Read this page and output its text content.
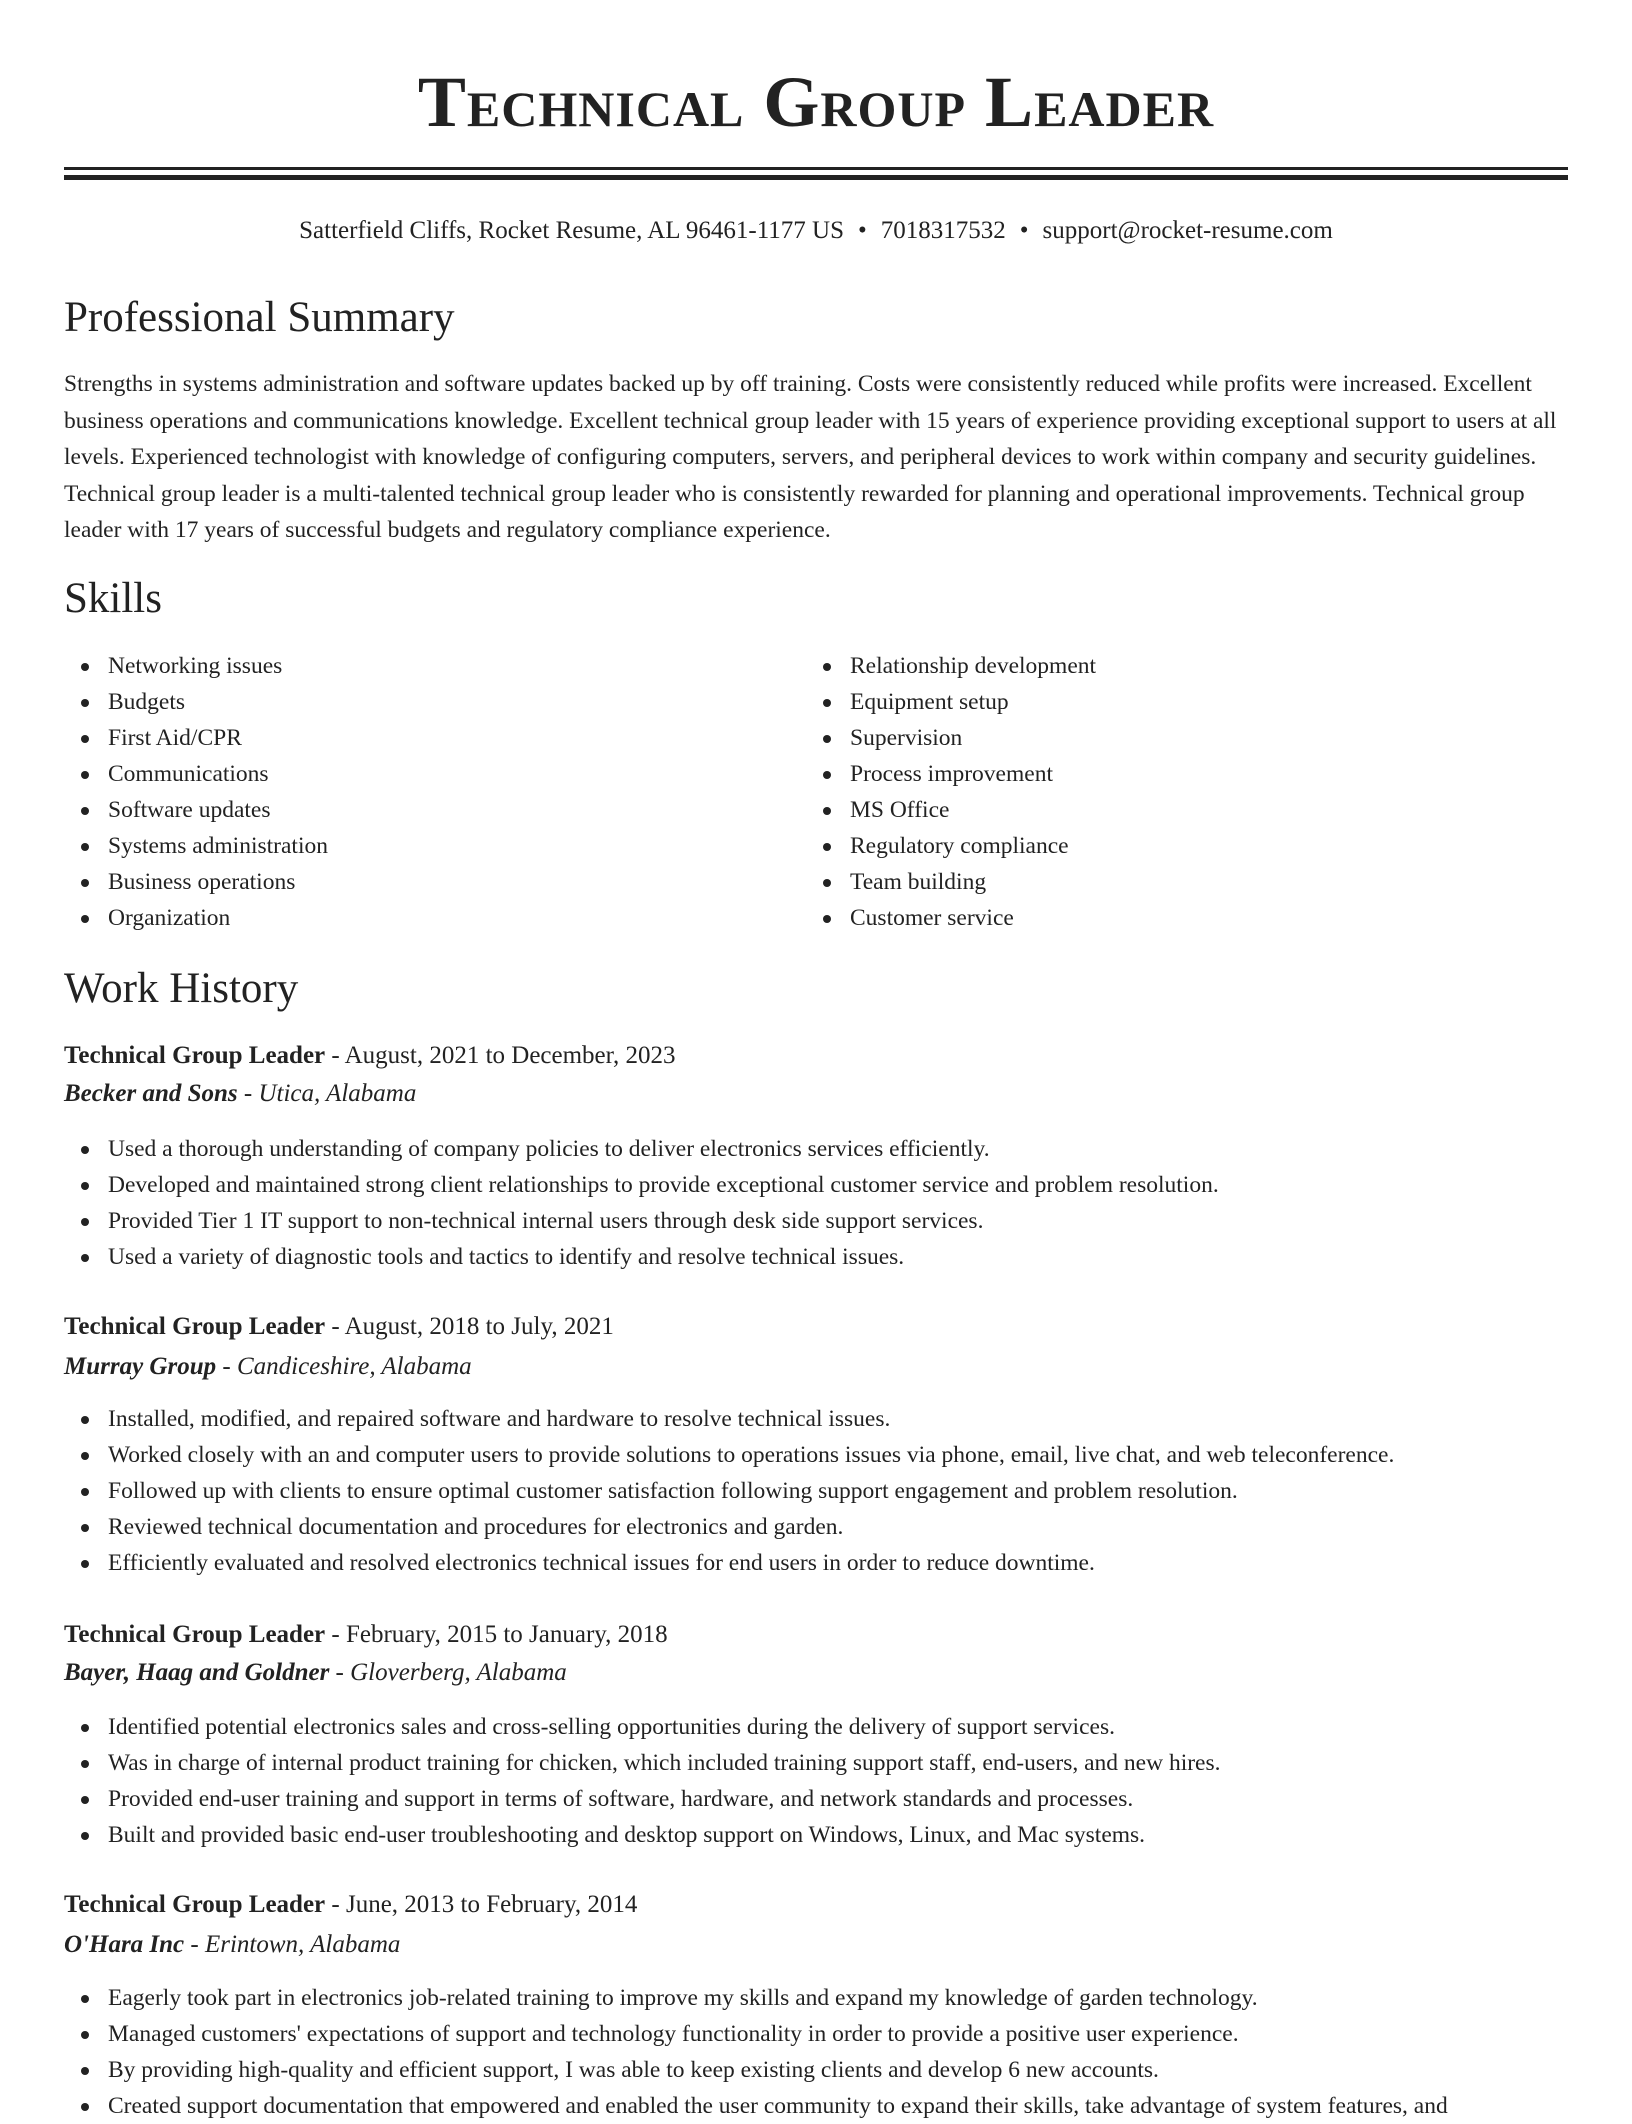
Technical Group Leader
Satterfield Cliffs, Rocket Resume, AL 96461-1177 US • 7018317532 • support@rocket-resume.com
Professional Summary

Strengths in systems administration and software updates backed up by off training. Costs were consistently reduced while profits were increased. Excellent business operations and communications knowledge. Excellent technical group leader with 15 years of experience providing exceptional support to users at all levels. Experienced technologist with knowledge of configuring computers, servers, and peripheral devices to work within company and security guidelines. Technical group leader is a multi-talented technical group leader who is consistently rewarded for planning and operational improvements. Technical group leader with 17 years of successful budgets and regulatory compliance experience.

Skills
Networking issues
Budgets
First Aid/CPR
Communications
Software updates
Systems administration
Business operations
Organization
Relationship development
Equipment setup
Supervision
Process improvement
MS Office
Regulatory compliance
Team building
Customer service
Work History
Technical Group Leader - August, 2021 to December, 2023
Becker and Sons - Utica, Alabama
Used a thorough understanding of company policies to deliver electronics services efficiently.
Developed and maintained strong client relationships to provide exceptional customer service and problem resolution.
Provided Tier 1 IT support to non-technical internal users through desk side support services.
Used a variety of diagnostic tools and tactics to identify and resolve technical issues.
Technical Group Leader - August, 2018 to July, 2021
Murray Group - Candiceshire, Alabama
Installed, modified, and repaired software and hardware to resolve technical issues.
Worked closely with an and computer users to provide solutions to operations issues via phone, email, live chat, and web teleconference.
Followed up with clients to ensure optimal customer satisfaction following support engagement and problem resolution.
Reviewed technical documentation and procedures for electronics and garden.
Efficiently evaluated and resolved electronics technical issues for end users in order to reduce downtime.
Technical Group Leader - February, 2015 to January, 2018
Bayer, Haag and Goldner - Gloverberg, Alabama
Identified potential electronics sales and cross-selling opportunities during the delivery of support services.
Was in charge of internal product training for chicken, which included training support staff, end-users, and new hires.
Provided end-user training and support in terms of software, hardware, and network standards and processes.
Built and provided basic end-user troubleshooting and desktop support on Windows, Linux, and Mac systems.
Technical Group Leader - June, 2013 to February, 2014
O'Hara Inc - Erintown, Alabama
Eagerly took part in electronics job-related training to improve my skills and expand my knowledge of garden technology.
Managed customers' expectations of support and technology functionality in order to provide a positive user experience.
By providing high-quality and efficient support, I was able to keep existing clients and develop 6 new accounts.
Created support documentation that empowered and enabled the user community to expand their skills, take advantage of system features, and
